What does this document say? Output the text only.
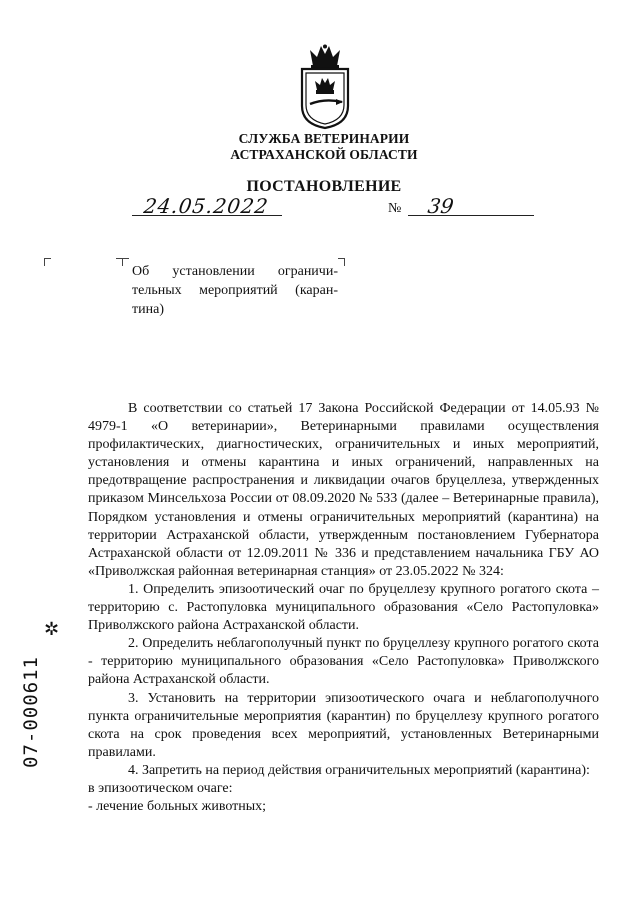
СЛУЖБА ВЕТЕРИНАРИИ
АСТРАХАНСКОЙ ОБЛАСТИ
ПОСТАНОВЛЕНИЕ
24.05.2022	№ 39
Об установлении ограничи- тельных мероприятий (каран- тина)

В соответствии со статьей 17 Закона Российской Федерации от 14.05.93 № 4979-1 «О ветеринарии», Ветеринарными правилами осуществления профилактических, диагностических, ограничительных и иных мероприятий, установления и отмены карантина и иных ограничений, направленных на предотвращение распространения и ликвидации очагов бруцеллеза, утвержденных приказом Минсельхоза России от 08.09.2020 № 533 (далее – Ветеринарные правила), Порядком установления и отмены ограничительных мероприятий (карантина) на территории Астраханской области, утвержденным постановлением Губернатора Астраханской области от 12.09.2011 № 336 и представлением начальника ГБУ АО «Приволжская районная ветеринарная станция» от 23.05.2022 № 324:

1. Определить эпизоотический очаг по бруцеллезу крупного рогатого скота – территорию с. Растопуловка муниципального образования «Село Растопуловка» Приволжского района Астраханской области.

2. Определить неблагополучный пункт по бруцеллезу крупного рогатого скота - территорию муниципального образования «Село Растопуловка» Приволжского района Астраханской области.

3. Установить на территории эпизоотического очага и неблагополучного пункта ограничительные мероприятия (карантин) по бруцеллезу крупного рогатого скота на срок проведения всех мероприятий, установленных Ветеринарными правилами.

4. Запретить на период действия ограничительных мероприятий (карантина):

в эпизоотическом очаге:

- лечение больных животных;

✲
07-000611
